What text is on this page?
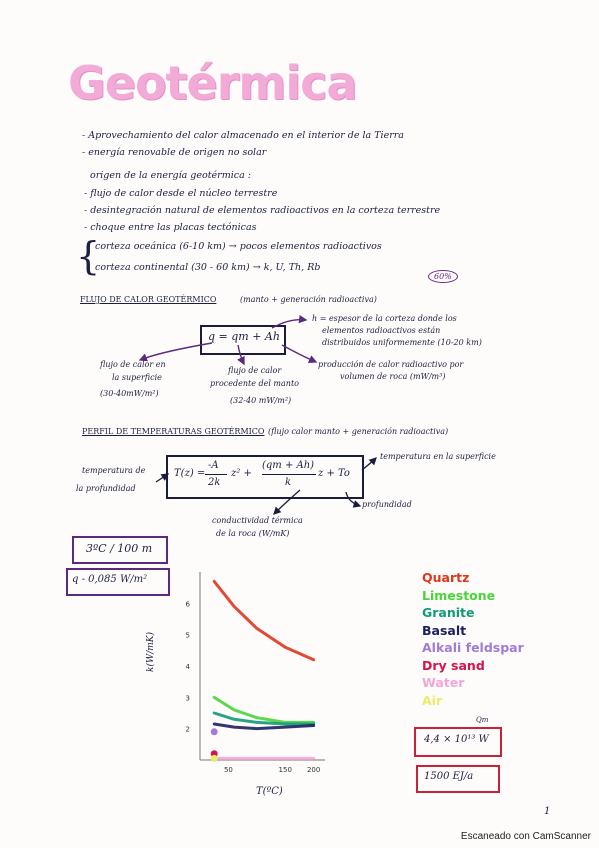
Geotérmica
- Aprovechamiento del calor almacenado en el interior de la Tierra
- energía renovable de origen no solar
origen de la energía geotérmica :
- flujo de calor desde el núcleo terrestre
- desintegración natural de elementos radioactivos en la corteza terrestre
- choque entre las placas tectónicas
{
corteza oceánica (6-10 km) → pocos elementos radioactivos
corteza continental (30 - 60 km) → k, U, Th, Rb
60%
FLUJO DE CALOR GEOTÉRMICO	(manto + generación radioactiva)
q = qm + Ah
h = espesor de la corteza donde los
elementos radioactivos están
distribuidos uniformemente (10-20 km)
producción de calor radioactivo por
volumen de roca (mW/m³)
flujo de calor en
la superficie
(30-40mW/m²)
flujo de calor
procedente del manto
(32-40 mW/m²)
PERFIL DE TEMPERATURAS GEOTÉRMICO (flujo calor manto + generación radioactiva)
T(z) =
-A
2k
z² +
(qm + Ah)
k
z + To
temperatura de
la profundidad
temperatura en la superficie
profundidad
conductividad térmica
de la roca (W/mK)
3ºC / 100 m
q - 0,085 W/m²
2
3
4
5
6
50	150 200
k(W/mK)
T(ºC)
Quartz
Limestone
Granite
Basalt
Alkali feldspar
Dry sand
Water
Air
4,4 × 10¹³ W
Qm
1500 EJ/a
1
Escaneado con CamScanner
